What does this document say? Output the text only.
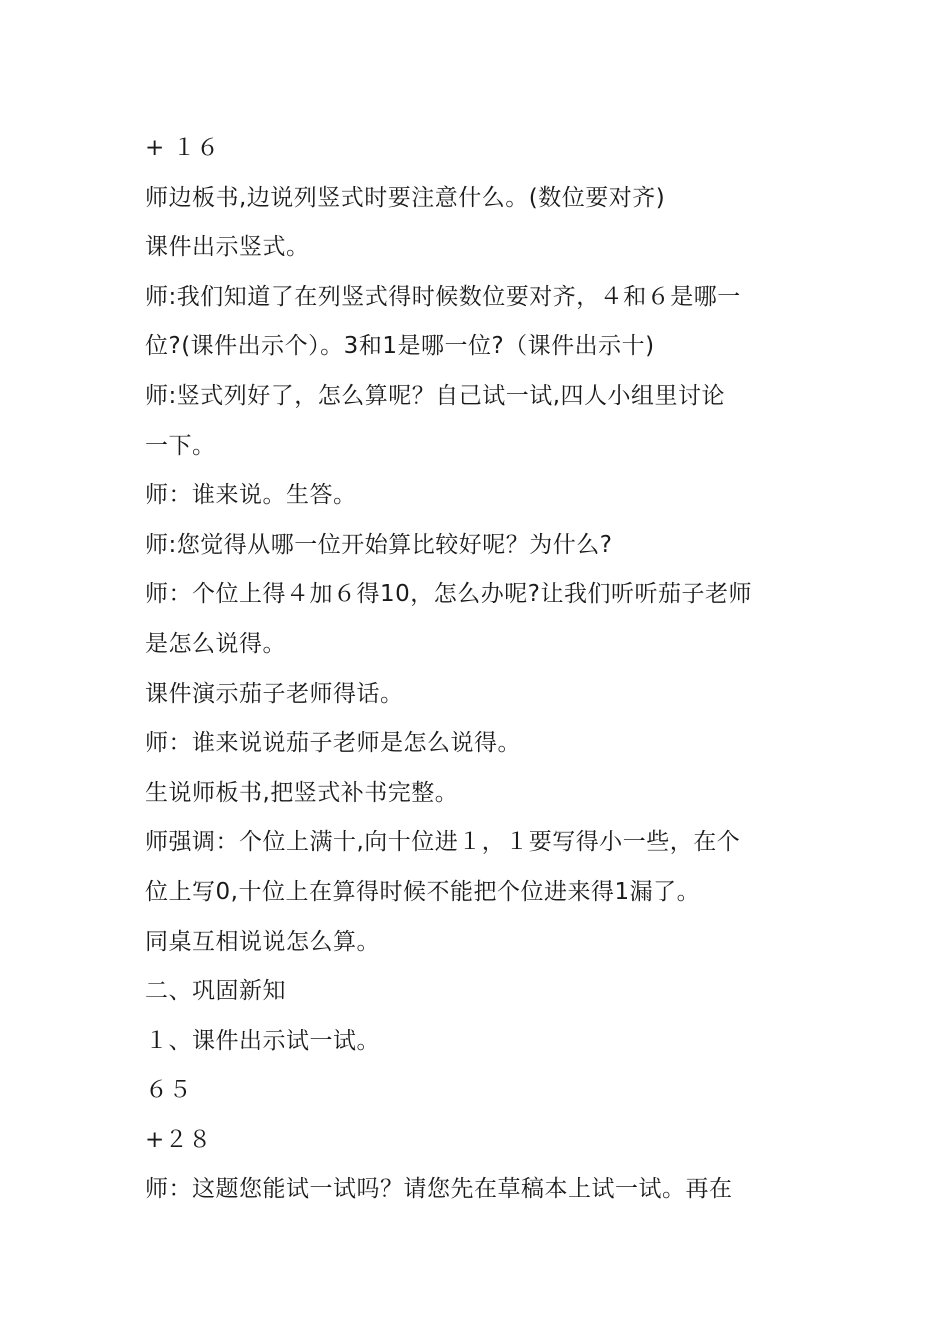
+ １６
师边板书,边说列竖式时要注意什么。(数位要对齐)
课件出示竖式。
师:我们知道了在列竖式得时候数位要对齐，４和６是哪一
位?(课件出示个）。3和1是哪一位?（课件出示十)
师:竖式列好了，怎么算呢？自己试一试,四人小组里讨论
一下。
师：谁来说。生答。
师:您觉得从哪一位开始算比较好呢？为什么?
师：个位上得４加６得10，怎么办呢?让我们听听茄子老师
是怎么说得。
课件演示茄子老师得话。
师：谁来说说茄子老师是怎么说得。
生说师板书,把竖式补书完整。
师强调：个位上满十,向十位进１，１要写得小一些，在个
位上写0,十位上在算得时候不能把个位进来得1漏了。
同桌互相说说怎么算。
二、巩固新知
１、课件出示试一试。
６５
+２８
师：这题您能试一试吗？请您先在草稿本上试一试。再在
